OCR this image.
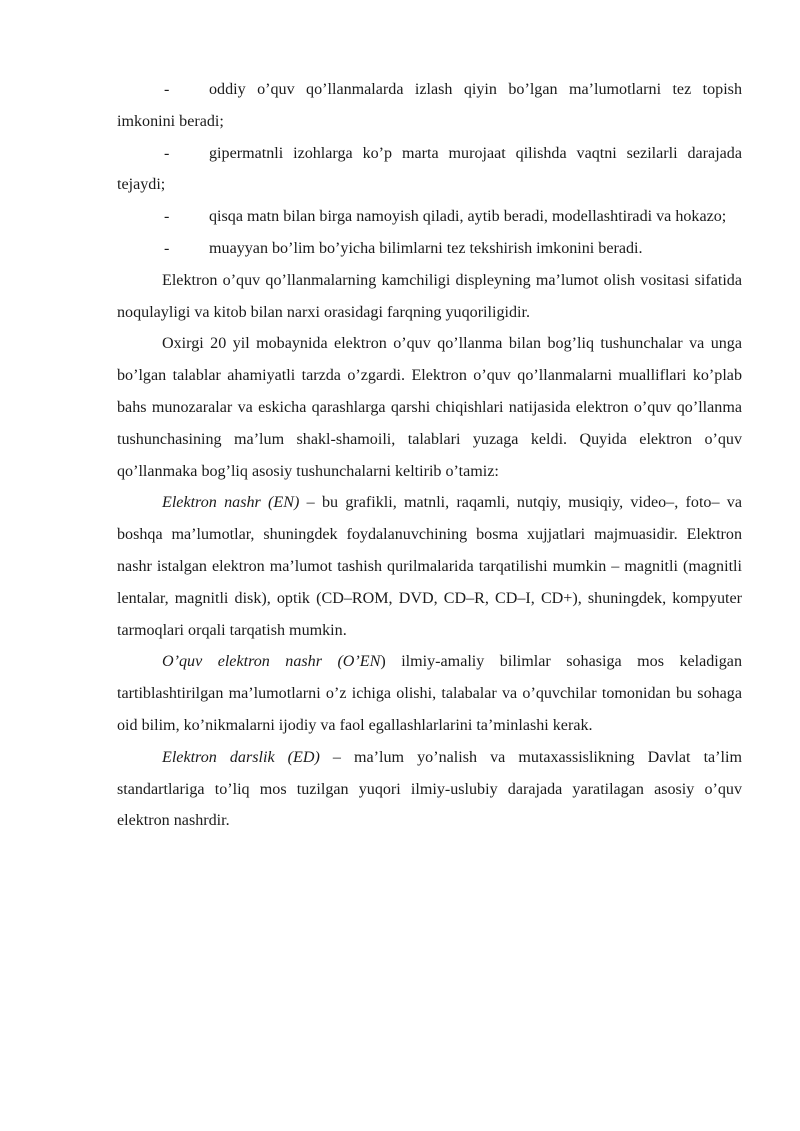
- oddiy o’quv qo’llanmalarda izlash qiyin bo’lgan ma’lumotlarni tez topish imkonini beradi;

- gipermatnli izohlarga ko’p marta murojaat qilishda vaqtni sezilarli darajada tejaydi;

- qisqa matn bilan birga namoyish qiladi, aytib beradi, modellashtiradi va hokazo;

- muayyan bo’lim bo’yicha bilimlarni tez tekshirish imkonini beradi.

Elektron o’quv qo’llanmalarning kamchiligi displeyning ma’lumot olish vositasi sifatida noqulayligi va kitob bilan narxi orasidagi farqning yuqoriligidir.

Oxirgi 20 yil mobaynida elektron o’quv qo’llanma bilan bog’liq tushunchalar va unga bo’lgan talablar ahamiyatli tarzda o’zgardi. Elektron o’quv qo’llanmalarni mualliflari ko’plab bahs munozaralar va eskicha qarashlarga qarshi chiqishlari natijasida elektron o’quv qo’llanma tushunchasining ma’lum shakl-shamoili, talablari yuzaga keldi. Quyida elektron o’quv qo’llanmaka bog’liq asosiy tushunchalarni keltirib o’tamiz:

Elektron nashr (EN) – bu grafikli, matnli, raqamli, nutqiy, musiqiy, video–, foto– va boshqa ma’lumotlar, shuningdek foydalanuvchining bosma xujjatlari majmuasidir. Elektron nashr istalgan elektron ma’lumot tashish qurilmalarida tarqatilishi mumkin – magnitli (magnitli lentalar, magnitli disk), optik (CD–ROM, DVD, CD–R, CD–I, CD+), shuningdek, kompyuter tarmoqlari orqali tarqatish mumkin.

O’quv elektron nashr (O’EN) ilmiy-amaliy bilimlar sohasiga mos keladigan tartiblashtirilgan ma’lumotlarni o’z ichiga olishi, talabalar va o’quvchilar tomonidan bu sohaga oid bilim, ko’nikmalarni ijodiy va faol egallashlarlarini ta’minlashi kerak.

Elektron darslik (ED) – ma’lum yo’nalish va mutaxassislikning Davlat ta’lim standartlariga to’liq mos tuzilgan yuqori ilmiy-uslubiy darajada yaratilagan asosiy o’quv elektron nashrdir.
